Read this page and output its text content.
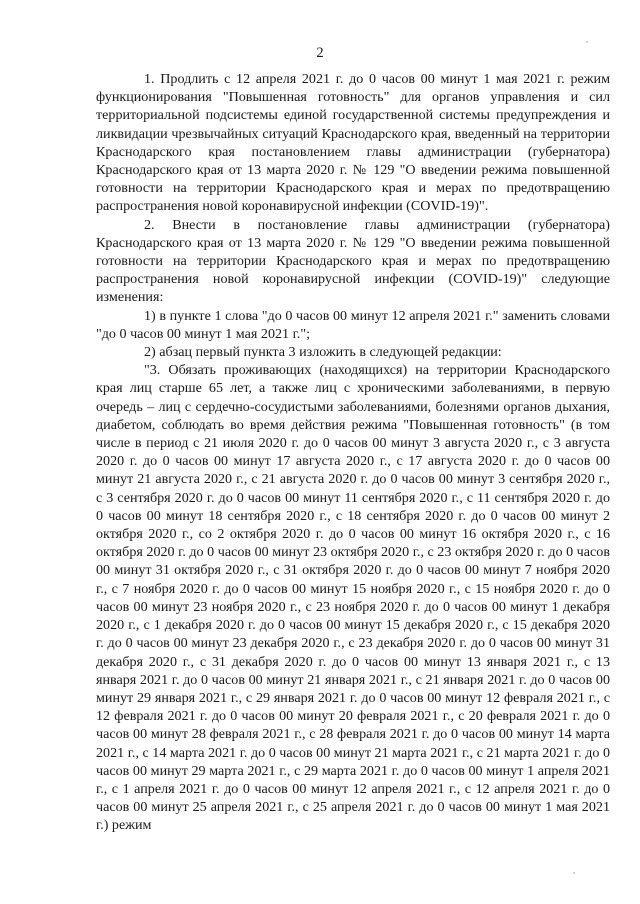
2

1. Продлить с 12 апреля 2021 г. до 0 часов 00 минут 1 мая 2021 г. режим функционирования "Повышенная готовность" для органов управления и сил территориальной подсистемы единой государственной системы предупреждения и ликвидации чрезвычайных ситуаций Краснодарского края, введенный на территории Краснодарского края постановлением главы администрации (губернатора) Краснодарского края от 13 марта 2020 г. № 129 "О введении режима повышенной готовности на территории Краснодарского края и мерах по предотвращению распространения новой коронавирусной инфекции (COVID-19)".

2. Внести в постановление главы администрации (губернатора) Краснодарского края от 13 марта 2020 г. № 129 "О введении режима повышенной готовности на территории Краснодарского края и мерах по предотвращению распространения новой коронавирусной инфекции (COVID-19)" следующие изменения:

1) в пункте 1 слова "до 0 часов 00 минут 12 апреля 2021 г." заменить словами "до 0 часов 00 минут 1 мая 2021 г.";

2) абзац первый пункта 3 изложить в следующей редакции:

"3. Обязать проживающих (находящихся) на территории Краснодарского края лиц старше 65 лет, а также лиц с хроническими заболеваниями, в первую очередь – лиц с сердечно-сосудистыми заболеваниями, болезнями органов дыхания, диабетом, соблюдать во время действия режима "Повышенная готовность" (в том числе в период с 21 июля 2020 г. до 0 часов 00 минут 3 августа 2020 г., с 3 августа 2020 г. до 0 часов 00 минут 17 августа 2020 г., с 17 августа 2020 г. до 0 часов 00 минут 21 августа 2020 г., с 21 августа 2020 г. до 0 часов 00 минут 3 сентября 2020 г., с 3 сентября 2020 г. до 0 часов 00 минут 11 сентября 2020 г., с 11 сентября 2020 г. до 0 часов 00 минут 18 сентября 2020 г., с 18 сентября 2020 г. до 0 часов 00 минут 2 октября 2020 г., со 2 октября 2020 г. до 0 часов 00 минут 16 октября 2020 г., с 16 октября 2020 г. до 0 часов 00 минут 23 октября 2020 г., с 23 октября 2020 г. до 0 часов 00 минут 31 октября 2020 г., с 31 октября 2020 г. до 0 часов 00 минут 7 ноября 2020 г., с 7 ноября 2020 г. до 0 часов 00 минут 15 ноября 2020 г., с 15 ноября 2020 г. до 0 часов 00 минут 23 ноября 2020 г., с 23 ноября 2020 г. до 0 часов 00 минут 1 декабря 2020 г., с 1 декабря 2020 г. до 0 часов 00 минут 15 декабря 2020 г., с 15 декабря 2020 г. до 0 часов 00 минут 23 декабря 2020 г., с 23 декабря 2020 г. до 0 часов 00 минут 31 декабря 2020 г., с 31 декабря 2020 г. до 0 часов 00 минут 13 января 2021 г., с 13 января 2021 г. до 0 часов 00 минут 21 января 2021 г., с 21 января 2021 г. до 0 часов 00 минут 29 января 2021 г., с 29 января 2021 г. до 0 часов 00 минут 12 февраля 2021 г., с 12 февраля 2021 г. до 0 часов 00 минут 20 февраля 2021 г., с 20 февраля 2021 г. до 0 часов 00 минут 28 февраля 2021 г., с 28 февраля 2021 г. до 0 часов 00 минут 14 марта 2021 г., с 14 марта 2021 г. до 0 часов 00 минут 21 марта 2021 г., с 21 марта 2021 г. до 0 часов 00 минут 29 марта 2021 г., с 29 марта 2021 г. до 0 часов 00 минут 1 апреля 2021 г., с 1 апреля 2021 г. до 0 часов 00 минут 12 апреля 2021 г., с 12 апреля 2021 г. до 0 часов 00 минут 25 апреля 2021 г., с 25 апреля 2021 г. до 0 часов 00 минут 1 мая 2021 г.) режим
